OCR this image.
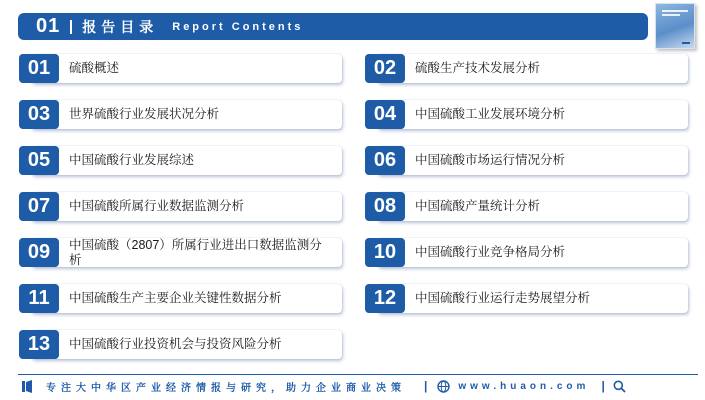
01 报告目录 Report Contents
01	硫酸概述
03	世界硫酸行业发展状况分析
05	中国硫酸行业发展综述
07	中国硫酸所属行业数据监测分析
09	中国硫酸（2807）所属行业进出口数据监测分析
11	中国硫酸生产主要企业关键性数据分析
13	中国硫酸行业投资机会与投资风险分析
02	硫酸生产技术发展分析
04	中国硫酸工业发展环境分析
06	中国硫酸市场运行情况分析
08	中国硫酸产量统计分析
10	中国硫酸行业竞争格局分析
12	中国硫酸行业运行走势展望分析
专注大中华区产业经济情报与研究，助力企业商业决策 |	www.huaon.com |
